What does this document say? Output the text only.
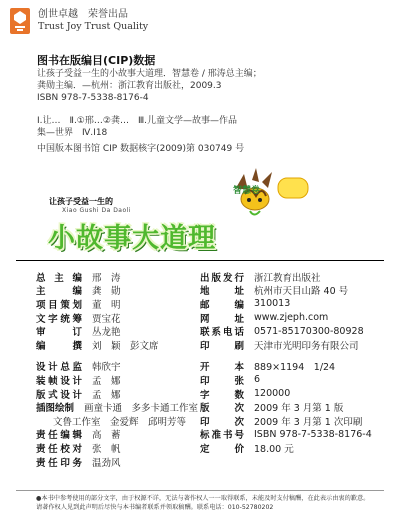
创世卓越　荣誉出品
Trust Joy Trust Quality
图书在版编目(CIP)数据
让孩子受益一生的小故事大道理．智慧卷 / 邢涛总主编；
龚勋主编．—杭州：浙江教育出版社，2009.3
ISBN 978-7-5338-8176-4
Ⅰ.让…　Ⅱ.①邢…②龚…　Ⅲ.儿童文学—故事—作品
集—世界　Ⅳ.I18
中国版本图书馆 CIP 数据核字(2009)第 030749 号
智慧卷
让孩子受益一生的
Xiao Gushi Da Daoli
小故事大道理
总主编 邢　涛
主编 龚　勋
项目策划 董　明
文字统筹 贾宝花
审订 丛龙艳
编撰 刘　颖　彭文席
设计总监 韩欣宇
装帧设计 孟　娜
版式设计 孟　娜
插图绘制 画童卡通　多多卡通工作室
文鲁工作室　金爱辉　邱明芳等
责任编辑 高　蓄
责任校对 张　帆
责任印务 温劲风
出版发行 浙江教育出版社
地址 杭州市天目山路 40 号
邮编 310013
网址 www.zjeph.com
联系电话 0571-85170300-80928
印刷 天津市光明印务有限公司
开本 889×1194　1/24
印张 6
字数 120000
版次 2009 年 3 月第 1 版
印次 2009 年 3 月第 1 次印刷
标准书号 ISBN 978-7-5338-8176-4
定价 18.00 元
●本书中参考使用的部分文字，由于权源不详，无法与著作权人一一取得联系，未能及时支付稿酬，在此表示由衷的歉意。
请著作权人见到此声明后尽快与本书编者联系并领取稿酬。联系电话：010-52780202
